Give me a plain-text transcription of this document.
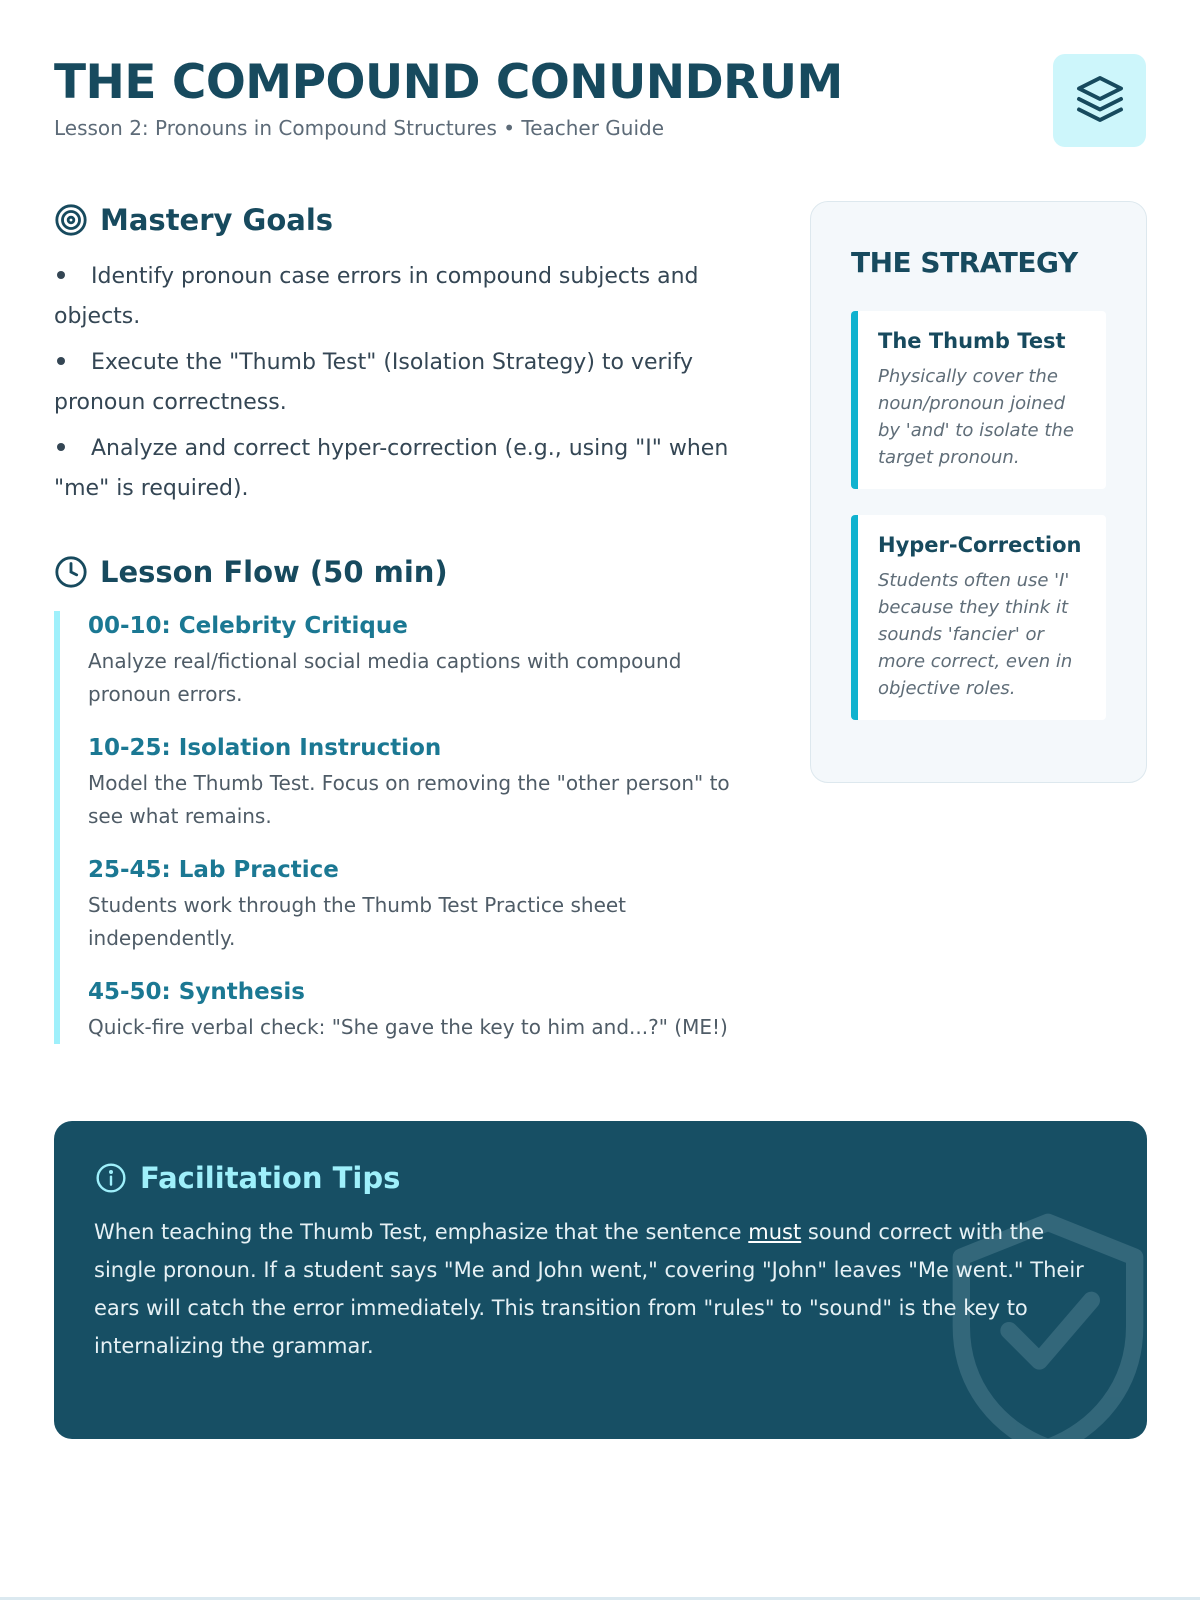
THE COMPOUND CONUNDRUM
Lesson 2: Pronouns in Compound Structures • Teacher Guide
Mastery Goals
Identify pronoun case errors in compound subjects and objects.
Execute the "Thumb Test" (Isolation Strategy) to verify pronoun correctness.
Analyze and correct hyper-correction (e.g., using "I" when "me" is required).
Lesson Flow (50 min)
00-10: Celebrity Critique
Analyze real/fictional social media captions with compound pronoun errors.
10-25: Isolation Instruction
Model the Thumb Test. Focus on removing the "other person" to see what remains.
25-45: Lab Practice
Students work through the Thumb Test Practice sheet independently.
45-50: Synthesis
Quick-fire verbal check: "She gave the key to him and...?" (ME!)
THE STRATEGY
The Thumb Test
Physically cover the noun/pronoun joined by 'and' to isolate the target pronoun.
Hyper-Correction
Students often use 'I' because they think it sounds 'fancier' or more correct, even in objective roles.
Facilitation Tips

When teaching the Thumb Test, emphasize that the sentence must sound correct with the single pronoun. If a student says "Me and John went," covering "John" leaves "Me went." Their ears will catch the error immediately. This transition from "rules" to "sound" is the key to internalizing the grammar.
